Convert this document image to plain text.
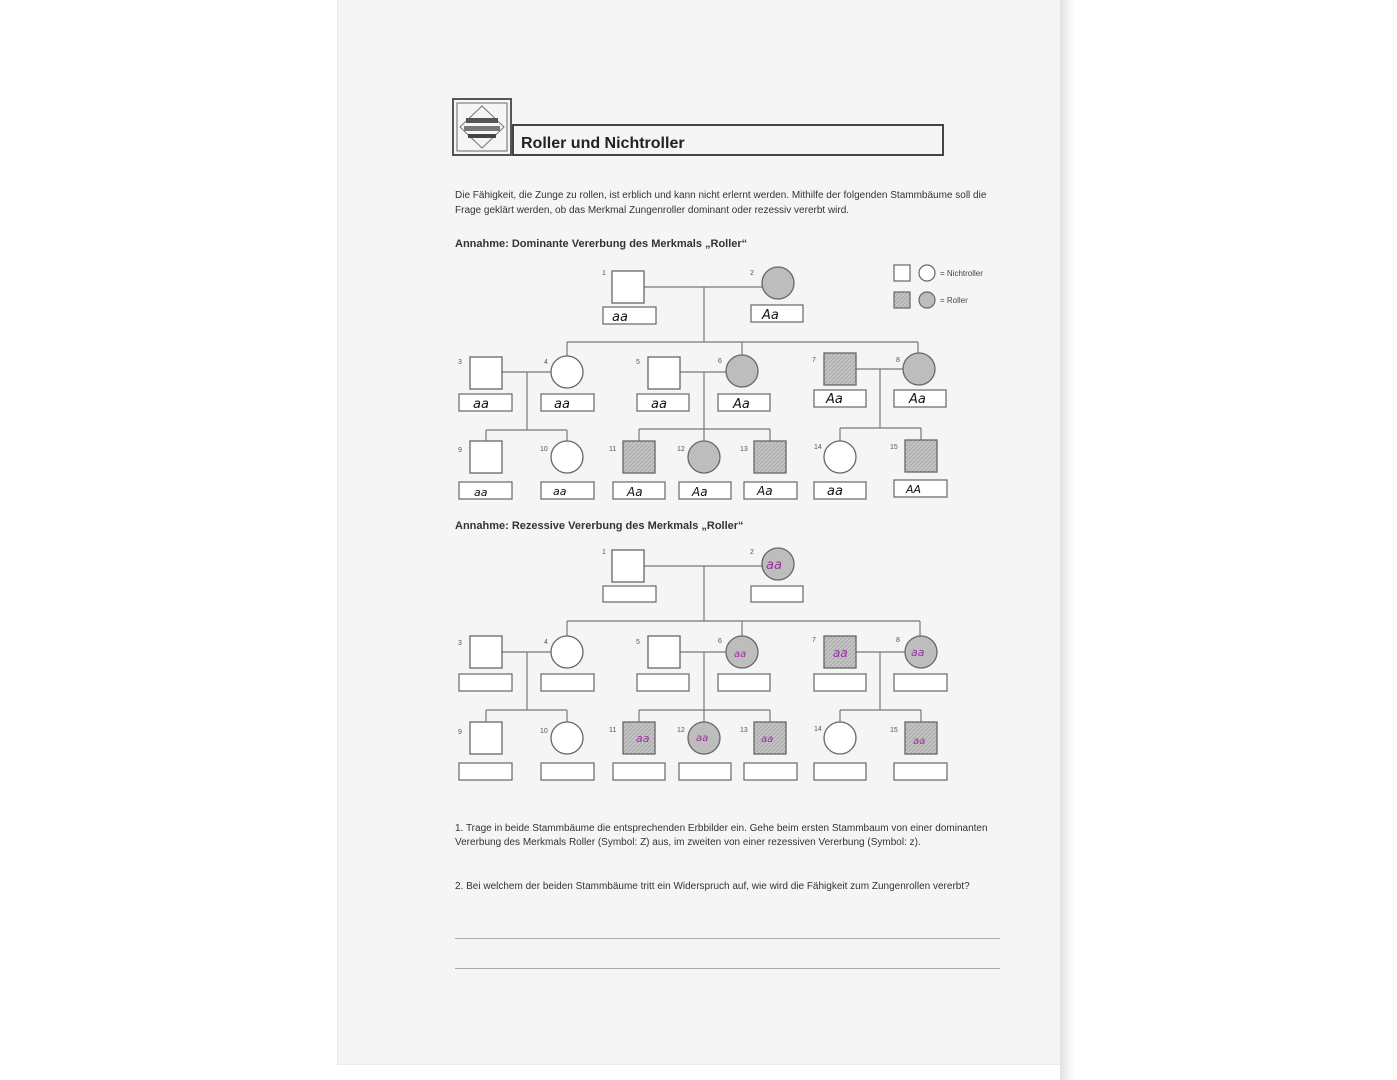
Roller und Nichtroller
Die Fähigkeit, die Zunge zu rollen, ist erblich und kann nicht erlernt werden. Mithilfe der folgenden Stammbäume soll die Frage geklärt werden, ob das Merkmal Zungenroller dominant oder rezessiv vererbt wird.
Annahme: Dominante Vererbung des Merkmals „Roller“
Annahme: Rezessive Vererbung des Merkmals „Roller“
= Nichtroller
= Roller
1	2
3	4	5	6	7	8
9	10	11	12	13	14	15
aa	Aa
aa	aa	aa	Aa	Aa	Aa
aa	aa	Aa	Aa	Aa	aa	AA
1	2
3	4	5	6	7	8
9	10	11	12	13	14	15
aa
aa	aa	aa
aa	aa	aa	aa
1. Trage in beide Stammbäume die entsprechenden Erbbilder ein. Gehe beim ersten Stammbaum von einer dominanten Vererbung des Merkmals Roller (Symbol: Z) aus, im zweiten von einer rezessiven Vererbung (Symbol: z).
2. Bei welchem der beiden Stammbäume tritt ein Widerspruch auf, wie wird die Fähigkeit zum Zungenrollen vererbt?
